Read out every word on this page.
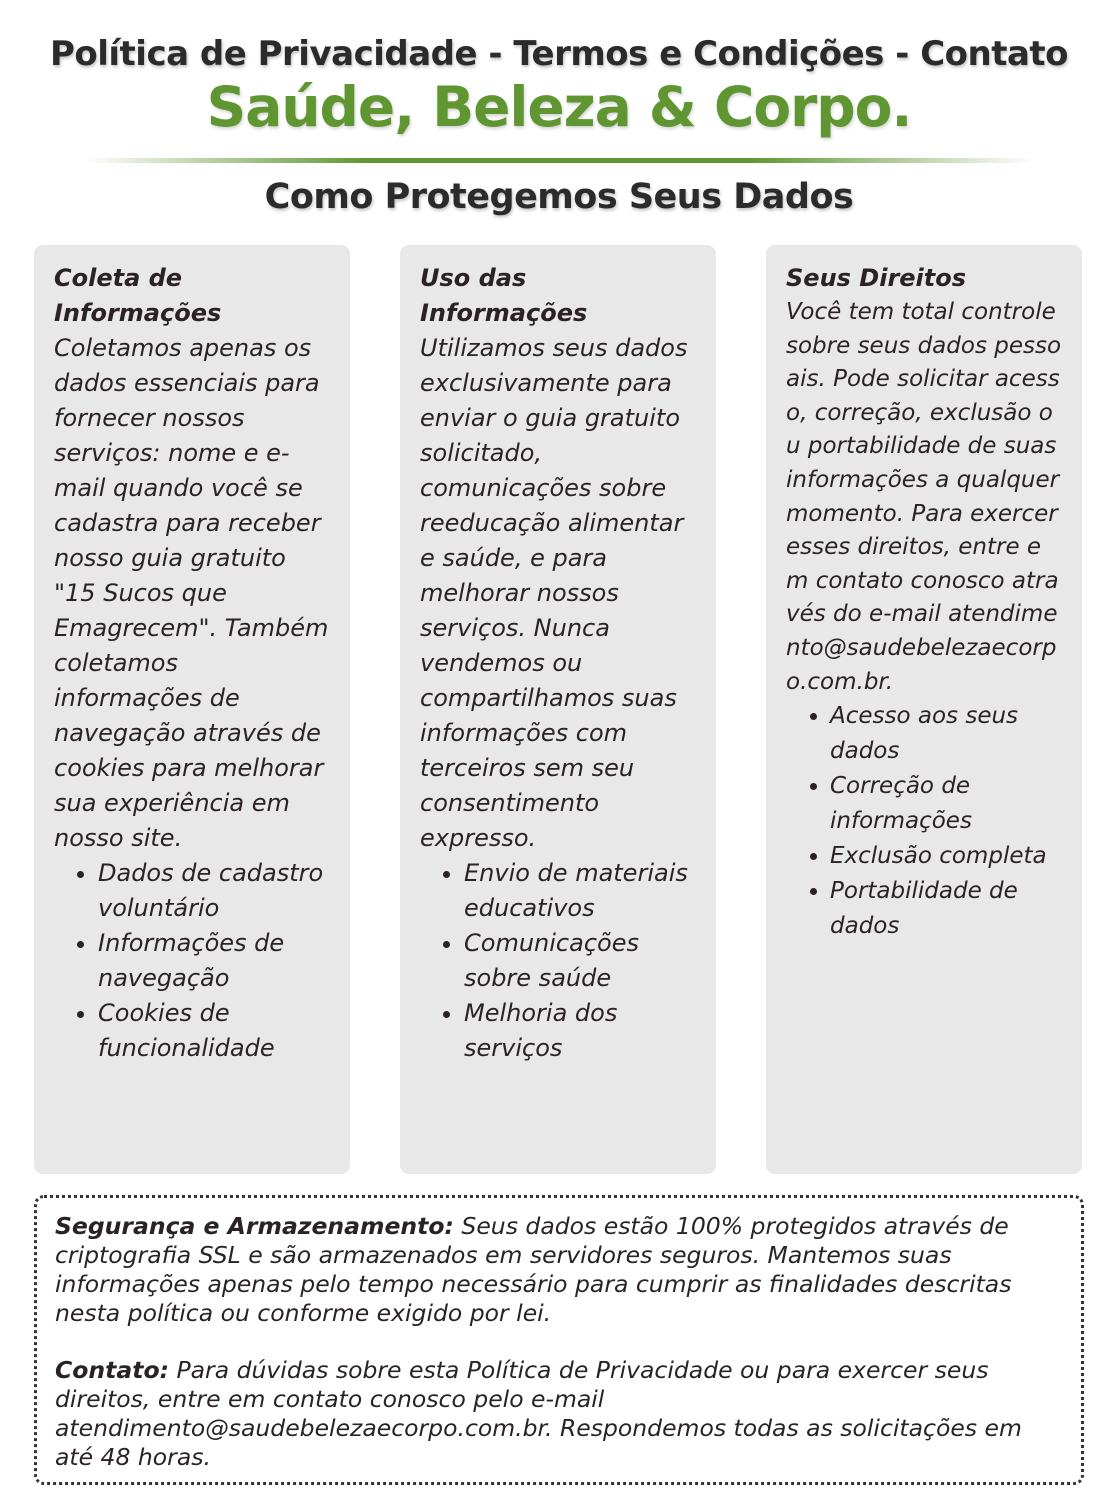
Política de Privacidade - Termos e Condições - Contato
Saúde, Beleza & Corpo.
Como Protegemos Seus Dados
Coleta de Informações

Coletamos apenas os dados essenciais para fornecer nossos serviços: nome e e-mail quando você se cadastra para receber nosso guia gratuito "15 Sucos que Emagrecem". Também coletamos informações de navegação através de cookies para melhorar sua experiência em nosso site.

• Dados de cadastro voluntário
• Informações de navegação
• Cookies de funcionalidade
Uso das Informações

Utilizamos seus dados exclusivamente para enviar o guia gratuito solicitado, comunicações sobre reeducação alimentar e saúde, e para melhorar nossos serviços. Nunca vendemos ou compartilhamos suas informações com terceiros sem seu consentimento expresso.

• Envio de materiais educativos
• Comunicações sobre saúde
• Melhoria dos serviços
Seus Direitos

Você tem total controle sobre seus dados pessoais. Pode solicitar acesso, correção, exclusão ou portabilidade de suas informações a qualquer momento. Para exercer esses direitos, entre em contato conosco através do e-mail atendimento@saudebelezaecorpo.com.br.

• Acesso aos seus dados
• Correção de informações
• Exclusão completa
• Portabilidade de dados

Segurança e Armazenamento: Seus dados estão 100% protegidos através de criptografia SSL e são armazenados em servidores seguros. Mantemos suas informações apenas pelo tempo necessário para cumprir as finalidades descritas nesta política ou conforme exigido por lei.

Contato: Para dúvidas sobre esta Política de Privacidade ou para exercer seus direitos, entre em contato conosco pelo e-mail atendimento@saudebelezaecorpo.com.br. Respondemos todas as solicitações em até 48 horas.
